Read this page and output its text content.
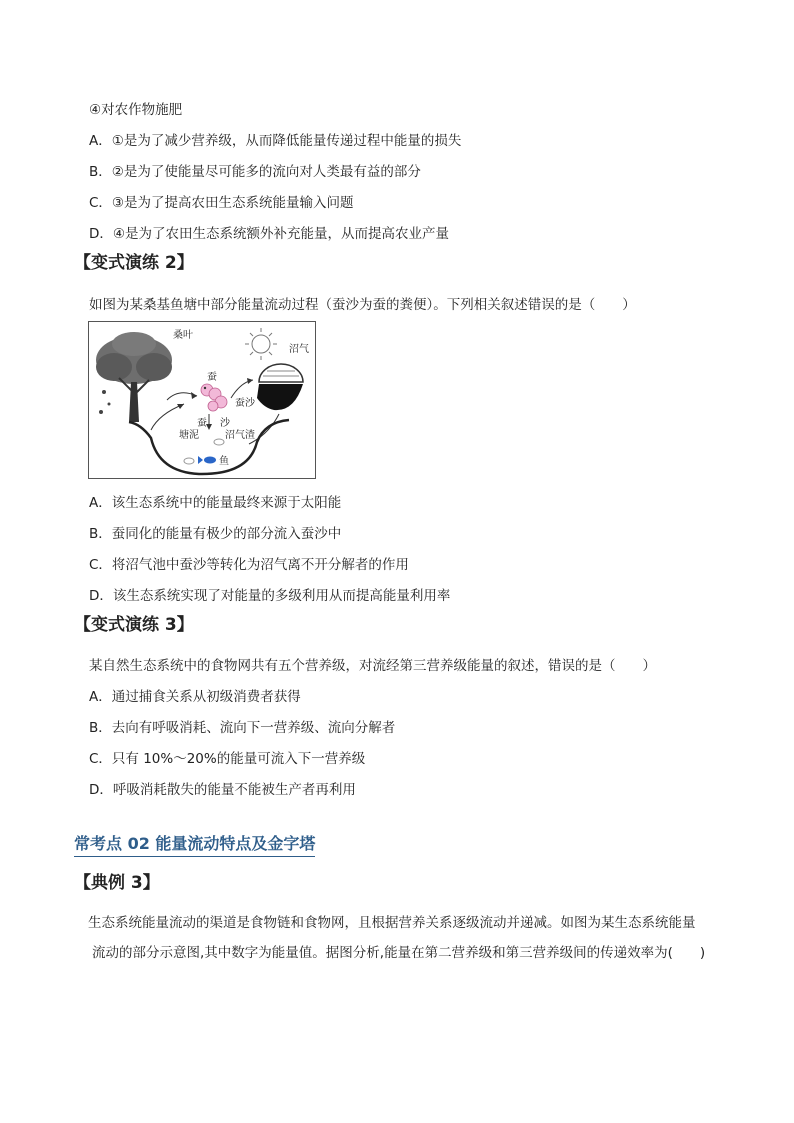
④对农作物施肥
A．①是为了减少营养级，从而降低能量传递过程中能量的损失
B．②是为了使能量尽可能多的流向对人类最有益的部分
C．③是为了提高农田生态系统能量输入问题
D．④是为了农田生态系统额外补充能量，从而提高农业产量
【变式演练 2】
如图为某桑基鱼塘中部分能量流动过程（蚕沙为蚕的粪便）。下列相关叙述错误的是（　　）
桑叶
沼气
蚕
蚕沙
蚕 沙
塘泥	沼气渣
鱼
A．该生态系统中的能量最终来源于太阳能
B．蚕同化的能量有极少的部分流入蚕沙中
C．将沼气池中蚕沙等转化为沼气离不开分解者的作用
D．该生态系统实现了对能量的多级利用从而提高能量利用率
【变式演练 3】
某自然生态系统中的食物网共有五个营养级，对流经第三营养级能量的叙述，错误的是（　　）
A．通过捕食关系从初级消费者获得
B．去向有呼吸消耗、流向下一营养级、流向分解者
C．只有 10%～20%的能量可流入下一营养级
D．呼吸消耗散失的能量不能被生产者再利用
常考点 02 能量流动特点及金字塔
【典例 3】
生态系统能量流动的渠道是食物链和食物网，且根据营养关系逐级流动并递减。如图为某生态系统能量
流动的部分示意图,其中数字为能量值。据图分析,能量在第二营养级和第三营养级间的传递效率为(　　)
